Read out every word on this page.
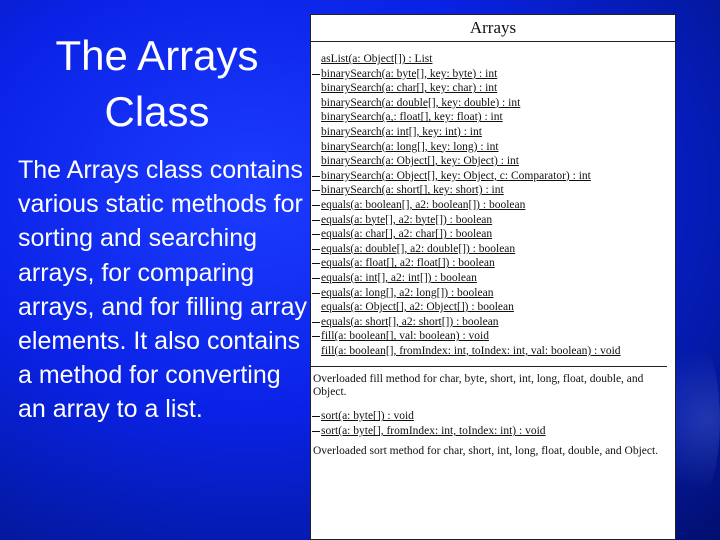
The Arrays Class
The Arrays class contains various static methods for sorting and searching arrays, for comparing arrays, and for filling array elements. It also contains a method for converting an array to a list.
Arrays
asList(a: Object[]) : List
binarySearch(a: byte[], key: byte) : int
binarySearch(a: char[], key: char) : int
binarySearch(a: double[], key: double) : int
binarySearch(a,: float[], key: float) : int
binarySearch(a: int[], key: int) : int
binarySearch(a: long[], key: long) : int
binarySearch(a: Object[], key: Object) : int
binarySearch(a: Object[], key: Object, c: Comparator) : int
binarySearch(a: short[], key: short) : int
equals(a: boolean[], a2: boolean[]) : boolean
equals(a: byte[], a2: byte[]) : boolean
equals(a: char[], a2: char[]) : boolean
equals(a: double[], a2: double[]) : boolean
equals(a: float[], a2: float[]) : boolean
equals(a: int[], a2: int[]) : boolean
equals(a: long[], a2: long[]) : boolean
equals(a: Object[], a2: Object[]) : boolean
equals(a: short[], a2: short[]) : boolean
fill(a: boolean[], val: boolean) : void
fill(a: boolean[], fromIndex: int, toIndex: int, val: boolean) : void
Overloaded fill method for char, byte, short, int, long, float, double, and Object.
sort(a: byte[]) : void
sort(a: byte[], fromIndex: int, toIndex: int) : void
Overloaded sort method for char, short, int, long, float, double, and Object.
